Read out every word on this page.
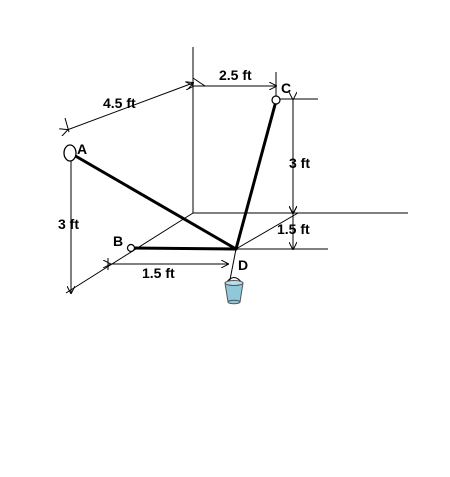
4.5 ft
2.5 ft
3 ft
1.5 ft
3 ft
1.5 ft
A
B
C
D
